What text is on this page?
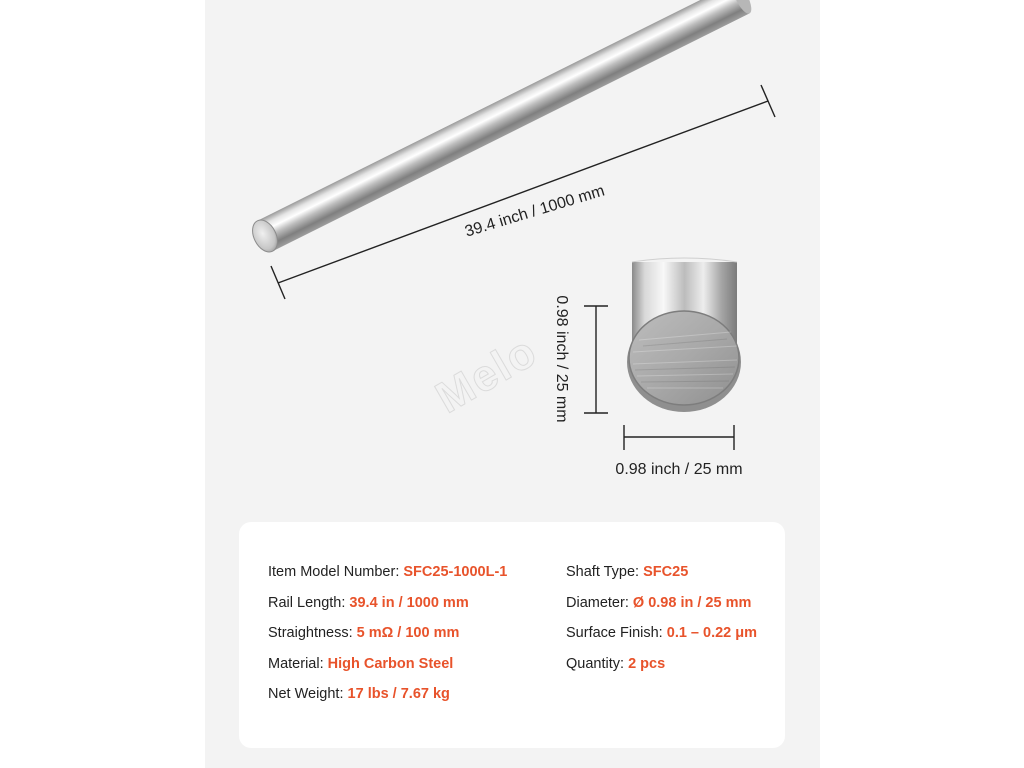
Melo
39.4 inch / 1000 mm
0.98 inch / 25 mm
0.98 inch / 25 mm
Item Model Number: SFC25-1000L-1
Rail Length: 39.4 in / 1000 mm
Straightness: 5 mΩ / 100 mm
Material: High Carbon Steel
Net Weight: 17 lbs / 7.67 kg
Shaft Type: SFC25
Diameter: Ø 0.98 in / 25 mm
Surface Finish: 0.1 – 0.22 μm
Quantity: 2 pcs
